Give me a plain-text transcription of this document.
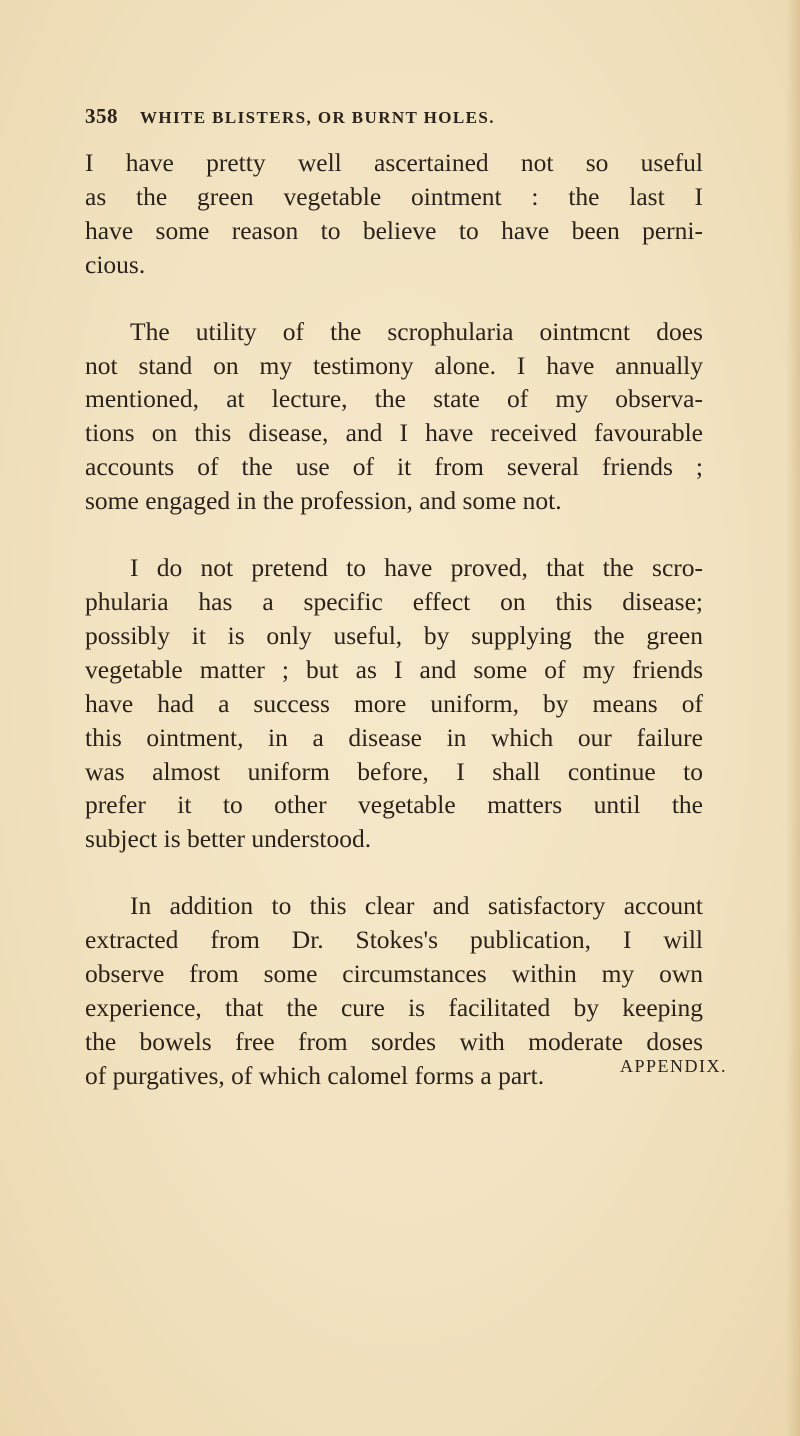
358 WHITE BLISTERS, OR BURNT HOLES.

I have pretty well ascertained not so useful
as the green vegetable ointment : the last I
have some reason to believe to have been perni-
cious.

The utility of the scrophularia ointmcnt does
not stand on my testimony alone. I have annually
mentioned, at lecture, the state of my observa-
tions on this disease, and I have received favourable
accounts of the use of it from several friends ;
some engaged in the profession, and some not.

I do not pretend to have proved, that the scro-
phularia has a specific effect on this disease;
possibly it is only useful, by supplying the green
vegetable matter ; but as I and some of my friends
have had a success more uniform, by means of
this ointment, in a disease in which our failure
was almost uniform before, I shall continue to
prefer it to other vegetable matters until the
subject is better understood.

In addition to this clear and satisfactory account
extracted from Dr. Stokes's publication, I will
observe from some circumstances within my own
experience, that the cure is facilitated by keeping
the bowels free from sordes with moderate doses
of purgatives, of which calomel forms a part.	APPENDIX.
